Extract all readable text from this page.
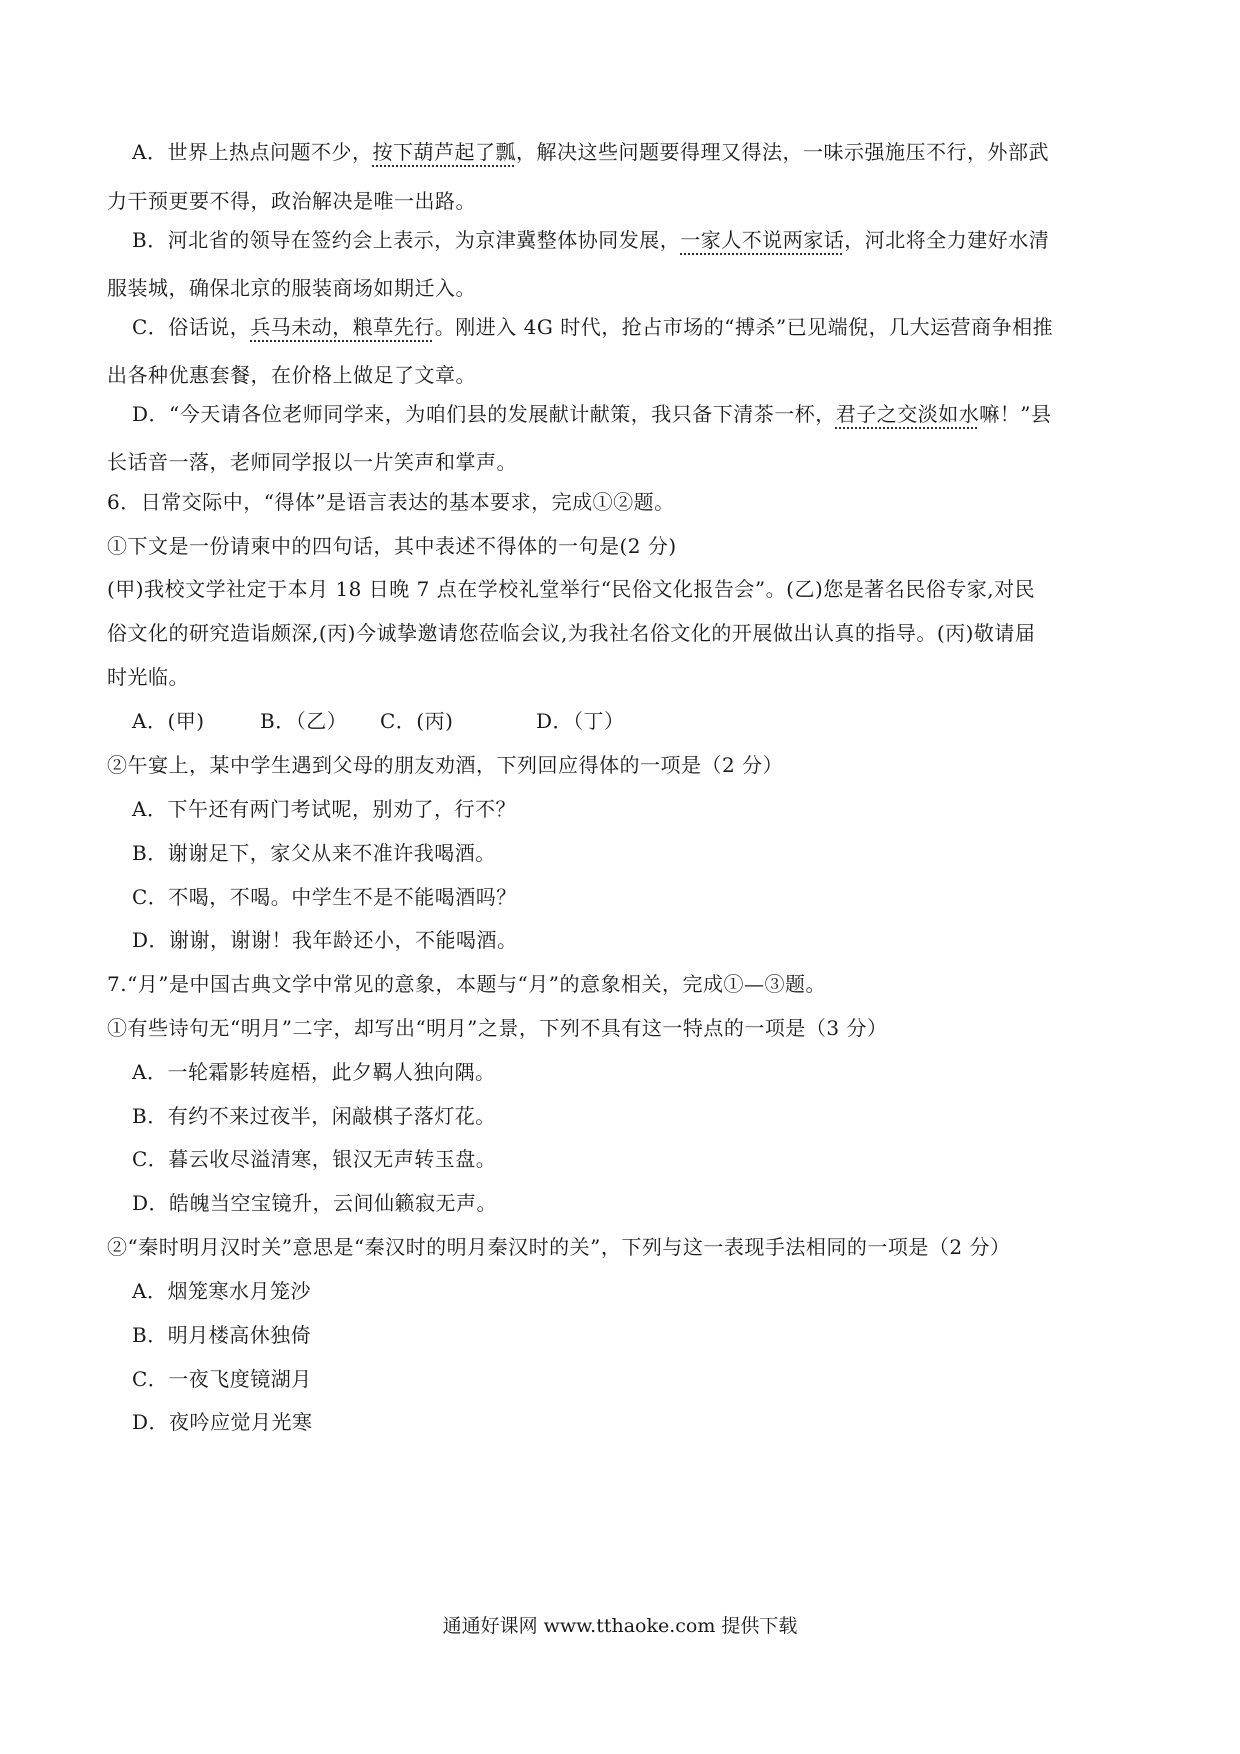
A．世界上热点问题不少，按下葫芦起了瓢，解决这些问题要得理又得法，一味示强施压不行，外部武
力干预更要不得，政治解决是唯一出路。
B．河北省的领导在签约会上表示，为京津冀整体协同发展，一家人不说两家话，河北将全力建好水清
服装城，确保北京的服装商场如期迁入。
C．俗话说，兵马未动，粮草先行。刚进入 4G 时代，抢占市场的“搏杀”已见端倪，几大运营商争相推
出各种优惠套餐，在价格上做足了文章。
D．“今天请各位老师同学来，为咱们县的发展献计献策，我只备下清茶一杯，君子之交淡如水嘛！”县
长话音一落，老师同学报以一片笑声和掌声。
6．日常交际中，“得体”是语言表达的基本要求，完成①②题。
①下文是一份请柬中的四句话，其中表述不得体的一句是(2 分)
(甲)我校文学社定于本月 18 日晚 7 点在学校礼堂举行“民俗文化报告会”。(乙)您是著名民俗专家,对民
俗文化的研究造诣颇深,(丙)今诚挚邀请您莅临会议,为我社名俗文化的开展做出认真的指导。(丙)敬请届
时光临。
A．(甲)	B．（乙） C．(丙)	D．（丁）
②午宴上，某中学生遇到父母的朋友劝酒，下列回应得体的一项是（2 分）
A．下午还有两门考试呢，别劝了，行不？
B．谢谢足下，家父从来不准许我喝酒。
C．不喝，不喝。中学生不是不能喝酒吗？
D．谢谢，谢谢！我年龄还小，不能喝酒。
7.“月”是中国古典文学中常见的意象，本题与“月”的意象相关，完成①—③题。
①有些诗句无“明月”二字，却写出“明月”之景，下列不具有这一特点的一项是（3 分）
A．一轮霜影转庭梧，此夕羁人独向隅。
B．有约不来过夜半，闲敲棋子落灯花。
C．暮云收尽溢清寒，银汉无声转玉盘。
D．皓魄当空宝镜升，云间仙籁寂无声。
②“秦时明月汉时关”意思是“秦汉时的明月秦汉时的关”，下列与这一表现手法相同的一项是（2 分）
A．烟笼寒水月笼沙
B．明月楼高休独倚
C．一夜飞度镜湖月
D．夜吟应觉月光寒
通通好课网 www.tthaoke.com 提供下载
